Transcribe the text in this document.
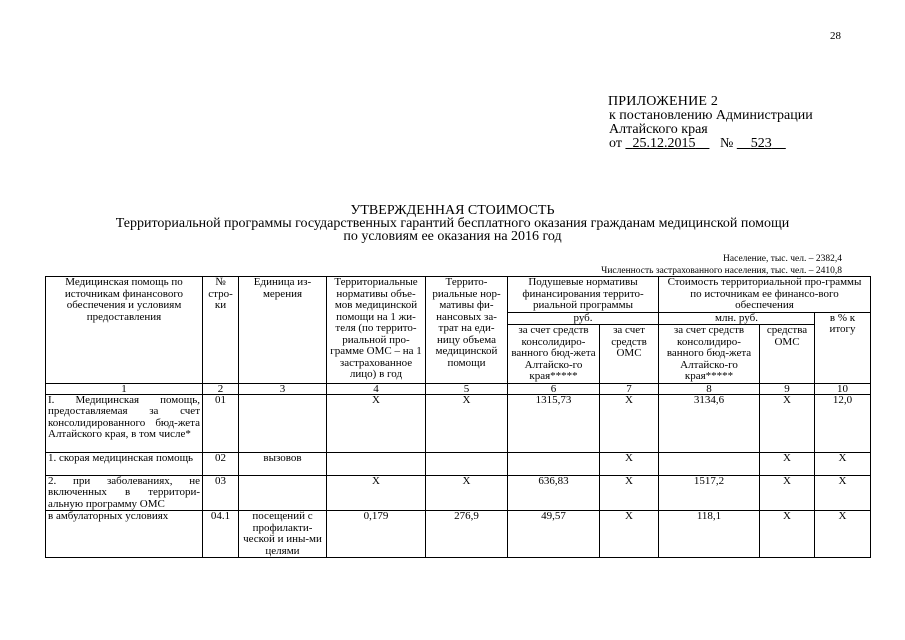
28
ПРИЛОЖЕНИЕ 2
к постановлению Администрации
Алтайского края
от 25.12.2015 № 523
УТВЕРЖДЕННАЯ СТОИМОСТЬ
Территориальной программы государственных гарантий бесплатного оказания гражданам медицинской помощи
по условиям ее оказания на 2016 год
Население, тыс. чел. – 2382,4
Численность застрахованного населения, тыс. чел. – 2410,8
Медицинская помощь по источникам финансового обеспечения и условиям предоставления	№ стро-ки	Единица из-мерения	Территориальные нормативы объе-мов медицинской помощи на 1 жи-теля (по террито-риальной про-грамме ОМС – на 1 застрахованное лицо) в год	Террито-риальные нор-мативы фи-нансовых за-трат на еди-ницу объема медицинской помощи	Подушевые нормативы финансирования террито-риальной программы		Стоимость территориальной про-граммы по источникам ее финансо-вого обеспечения		
					руб.		млн. руб.		в % к итогу
					за счет средств консолидиро-ванного бюд-жета Алтайско-го края*****	за счет средств ОМС	за счет средств консолидиро-ванного бюд-жета Алтайско-го края*****	средства ОМС	
1	2	3	4	5	6	7	8	9	10
I. Медицинская помощь, предоставляемая за счет консолидированного бюд-жета Алтайского края, в том числе*	01		X	X	1315,73	X	3134,6	X	12,0
1. скорая медицинская помощь	02	вызовов				X		X	X
2. при заболеваниях, не включенных в территори-альную программу ОМС	03		X	X	636,83	X	1517,2	X	X
в амбулаторных условиях	04.1	посещений с профилакти-ческой и ины-ми целями	0,179	276,9	49,57	X	118,1	X	X
